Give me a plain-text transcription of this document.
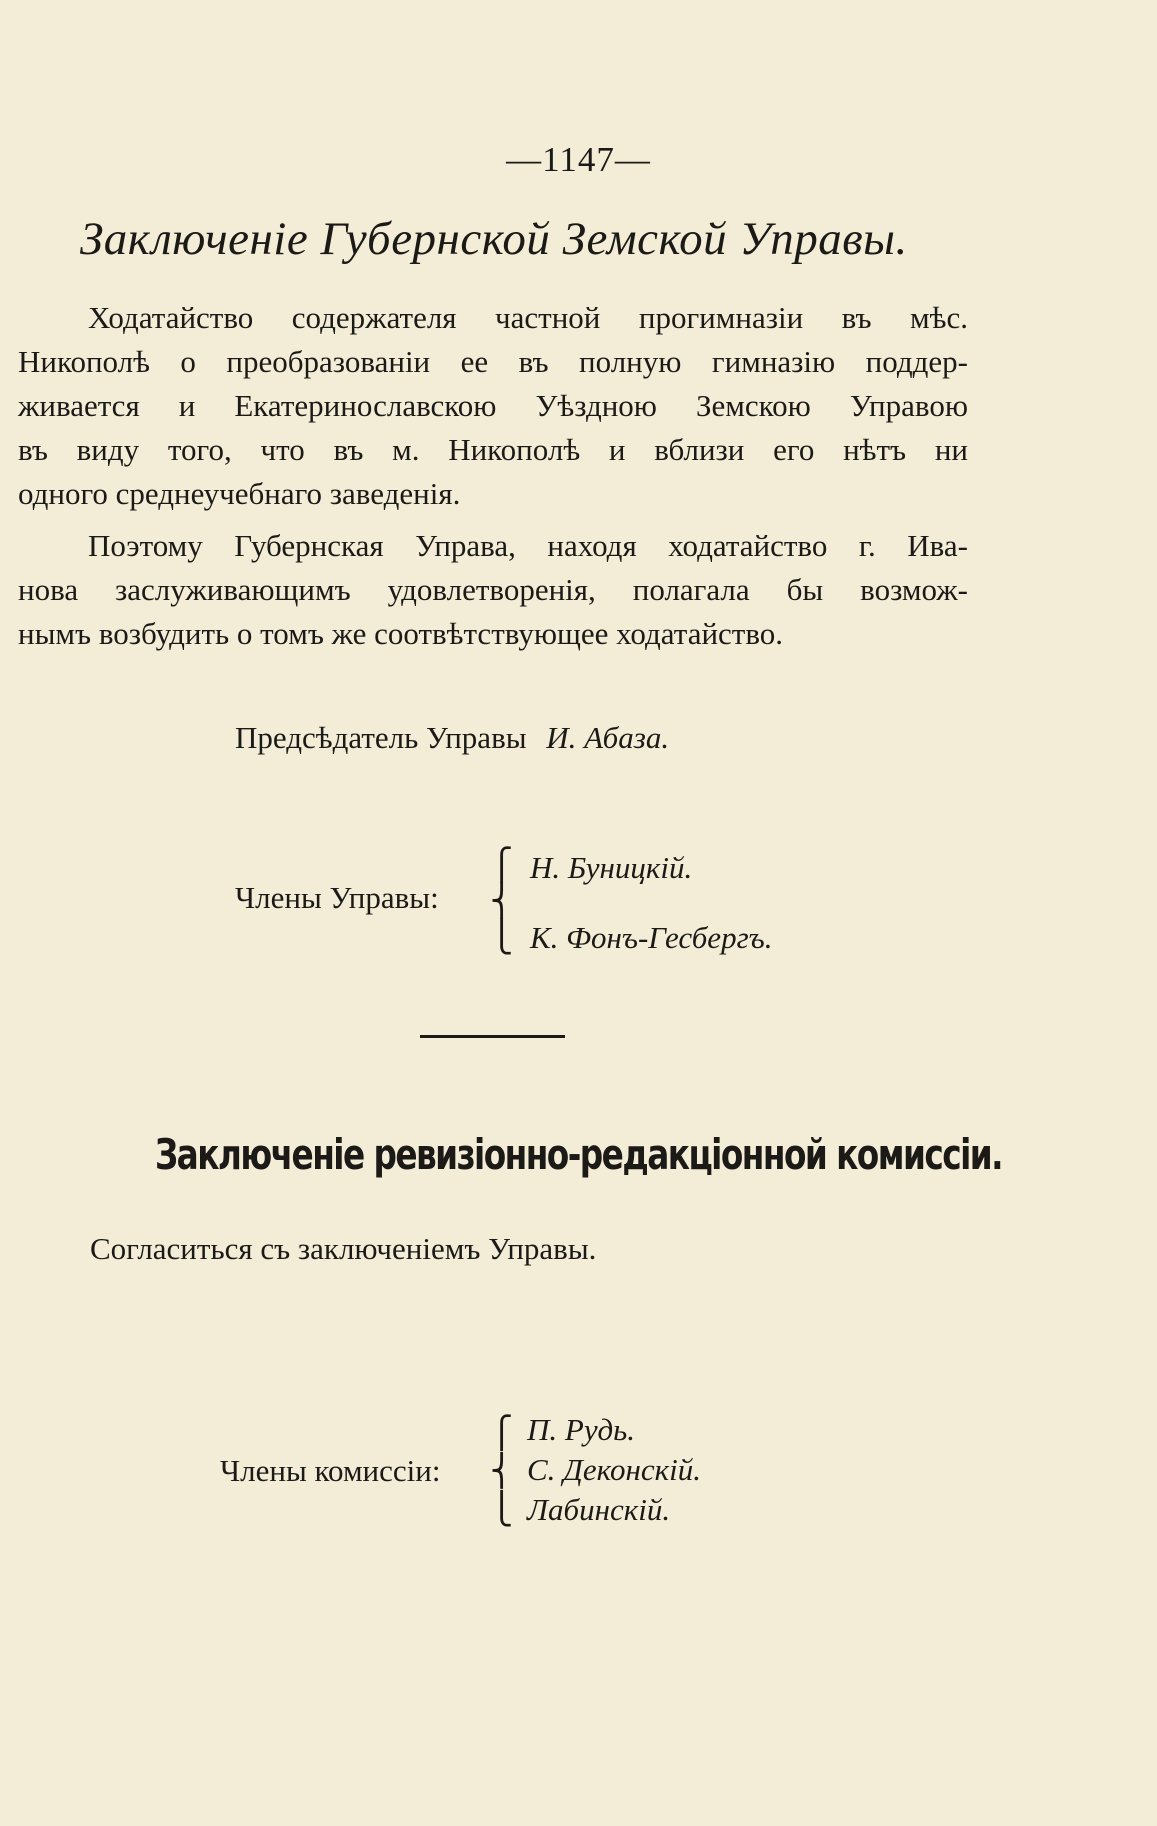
—1147—
Заключеніе Губернской Земской Управы.

Ходатайство содержателя частной прогимназіи въ мѣс.

Никополѣ о преобразованіи ее въ полную гимназію поддер-

живается и Екатеринославскою Уѣздною Земскою Управою

въ виду того, что въ м. Никополѣ и вблизи его нѣтъ ни

одного среднеучебнаго заведенія.

Поэтому Губернская Управа, находя ходатайство г. Ива-

нова заслуживающимъ удовлетворенія, полагала бы возмож-

нымъ возбудить о томъ же соотвѣтствующее ходатайство.

Предсѣдатель Управы И. Абаза.
Члены Управы:
⎧
⎨
⎩
Н. Буницкій.
К. Фонъ-Гесбергъ.
Заключеніе ревизіонно-редакціонной комиссіи.
Согласиться съ заключеніемъ Управы.
Члены комиссіи:
⎧
⎨
⎩
П. Рудь.
С. Деконскій.
Лабинскій.
